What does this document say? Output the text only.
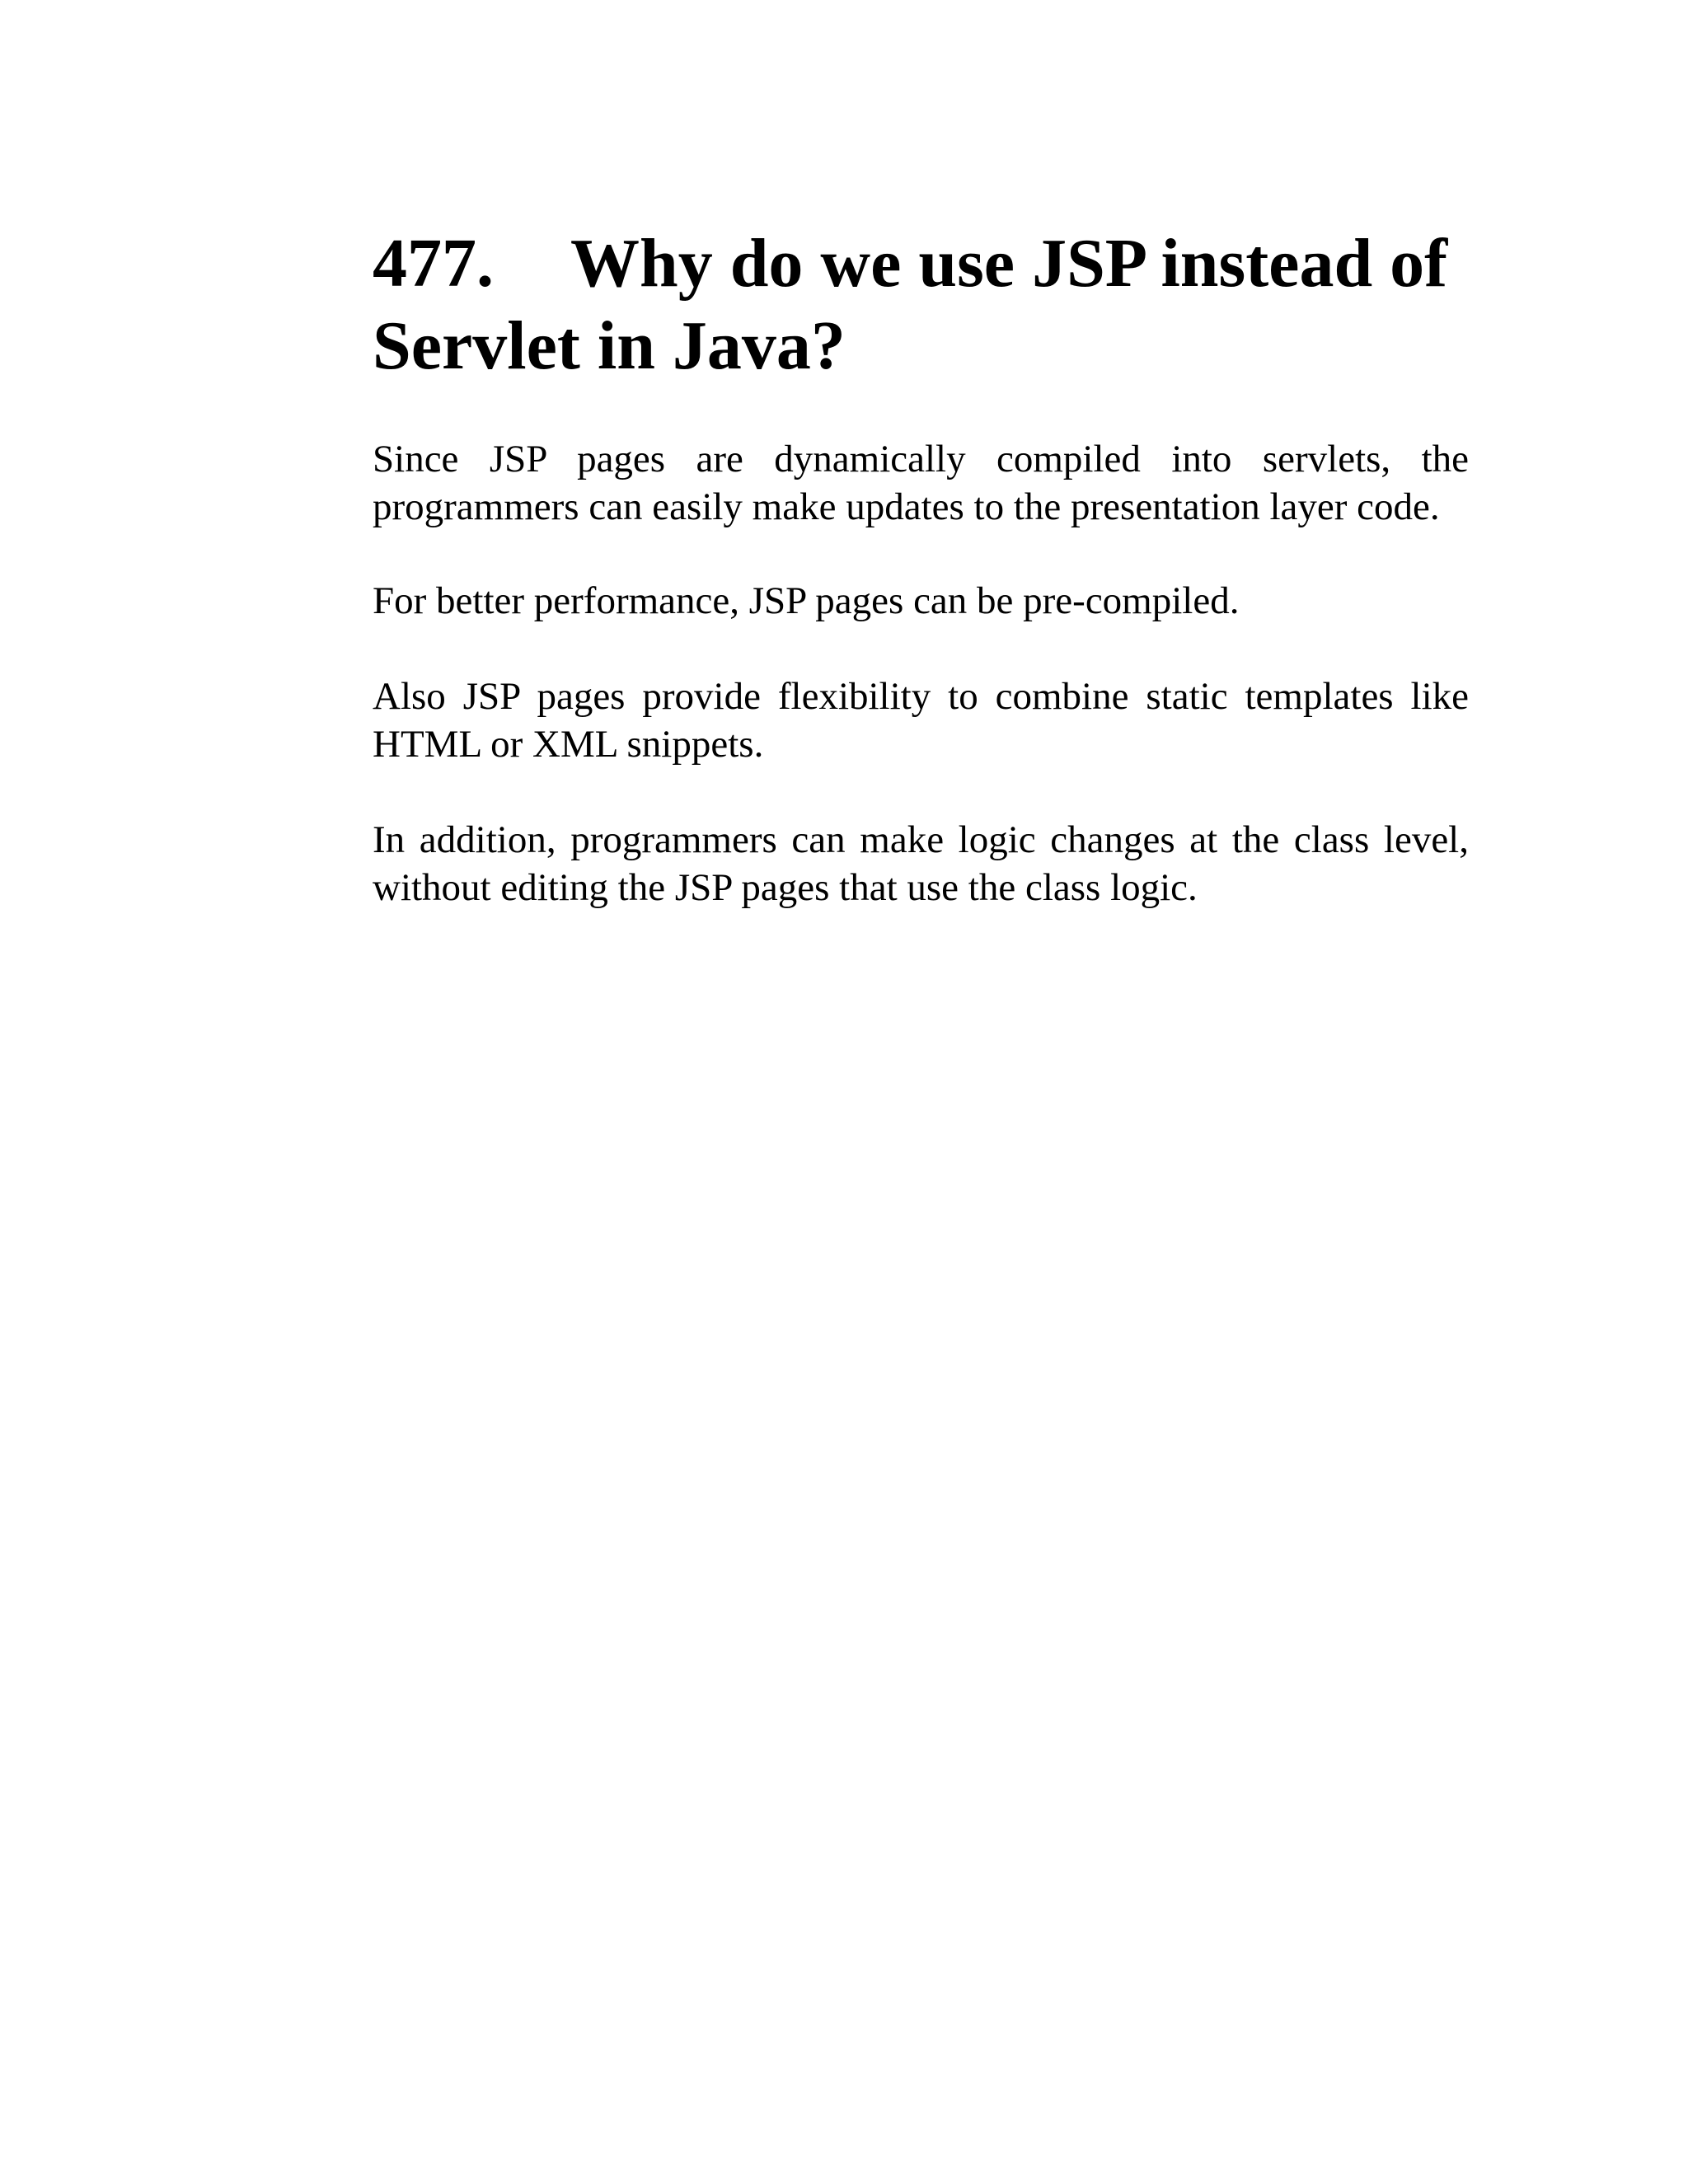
477. Why do we use JSP instead of
Servlet in Java?

Since JSP pages are dynamically compiled into servlets, the programmers can easily make updates to the presentation layer code.

For better performance, JSP pages can be pre-compiled.

Also JSP pages provide flexibility to combine static templates like HTML or XML snippets.

In addition, programmers can make logic changes at the class level, without editing the JSP pages that use the class logic.
